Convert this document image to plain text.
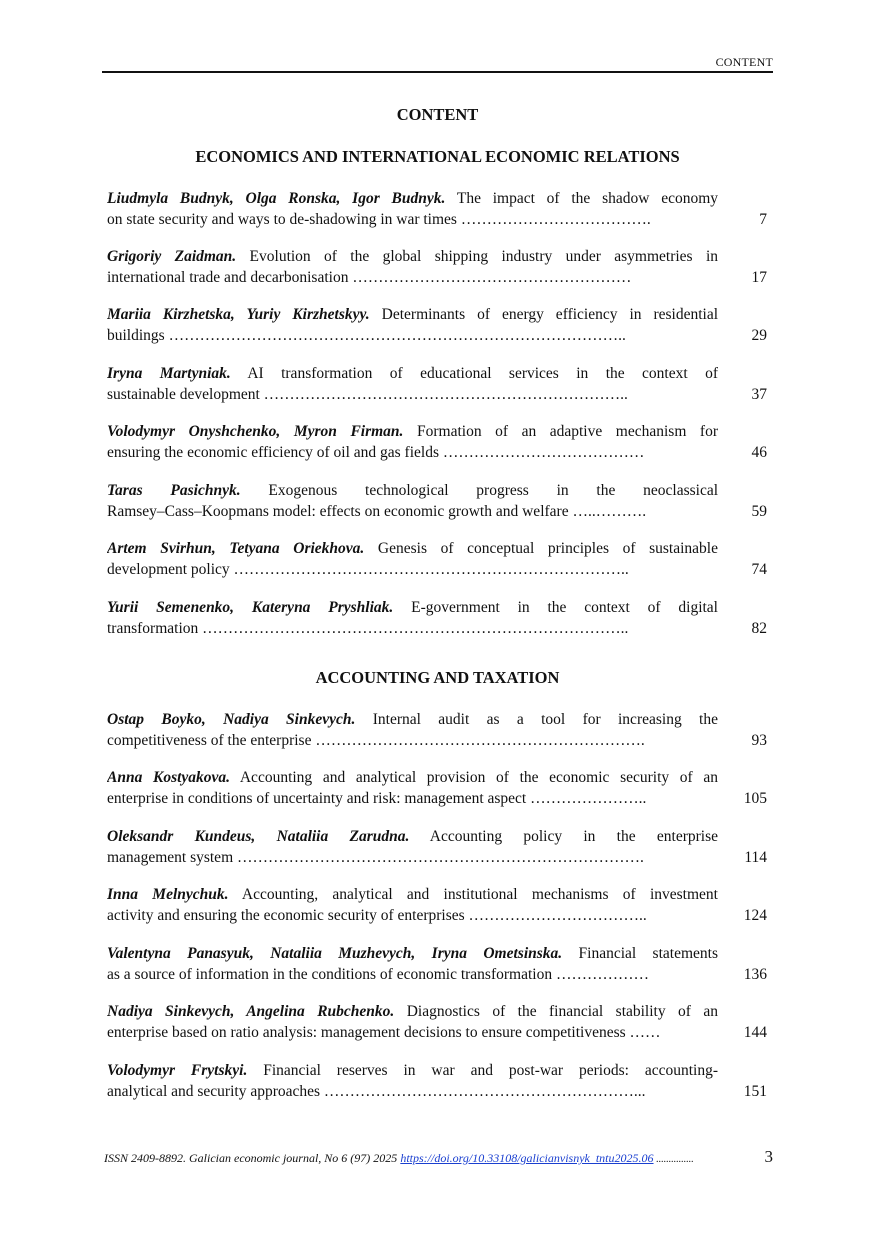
CONTENT
CONTENT
ECONOMICS AND INTERNATIONAL ECONOMIC RELATIONS
Liudmyla Budnyk, Olga Ronska, Igor Budnyk. The impact of the shadow economy
on state security and ways to de-shadowing in war times ……………………………….	7
Grigoriy Zaidman. Evolution of the global shipping industry under asymmetries in
international trade and decarbonisation ………………………………………………	17
Mariia Kirzhetska, Yuriy Kirzhetskyy. Determinants of energy efficiency in residential
buildings ……………………………………………………………………………..	29
Iryna Martyniak. AI transformation of educational services in the context of
sustainable development ……………………………………………………………..	37
Volodymyr Onyshchenko, Myron Firman. Formation of an adaptive mechanism for
ensuring the economic efficiency of oil and gas fields …………………………………	46
Taras Pasichnyk. Exogenous technological progress in the neoclassical
Ramsey–Cass–Koopmans model: effects on economic growth and welfare …..……….	59
Artem Svirhun, Tetyana Oriekhova. Genesis of conceptual principles of sustainable
development policy …………………………………………………………………..	74
Yurii Semenenko, Kateryna Pryshliak. E-government in the context of digital
transformation ………………………………………………………………………..	82
ACCOUNTING AND TAXATION
Ostap Boyko, Nadiya Sinkevych. Internal audit as a tool for increasing the
competitiveness of the enterprise ……………………………………………………….	93
Anna Kostyakova. Accounting and analytical provision of the economic security of an
enterprise in conditions of uncertainty and risk: management aspect …………………..	105
Oleksandr Kundeus, Nataliia Zarudna. Accounting policy in the enterprise
management system …………………………………………………………………….	114
Inna Melnychuk. Accounting, analytical and institutional mechanisms of investment
activity and ensuring the economic security of enterprises ……………………………..	124
Valentyna Panasyuk, Nataliia Muzhevych, Iryna Ometsinska. Financial statements
as a source of information in the conditions of economic transformation ………………	136
Nadiya Sinkevych, Angelina Rubchenko. Diagnostics of the financial stability of an
enterprise based on ratio analysis: management decisions to ensure competitiveness ……	144
Volodymyr Frytskyi. Financial reserves in war and post-war periods: accounting-
analytical and security approaches ……………………………………………………...	151
ISSN 2409-8892. Galician economic journal, No 6 (97) 2025 https://doi.org/10.33108/galicianvisnyk_tntu2025.06 ...............	3
